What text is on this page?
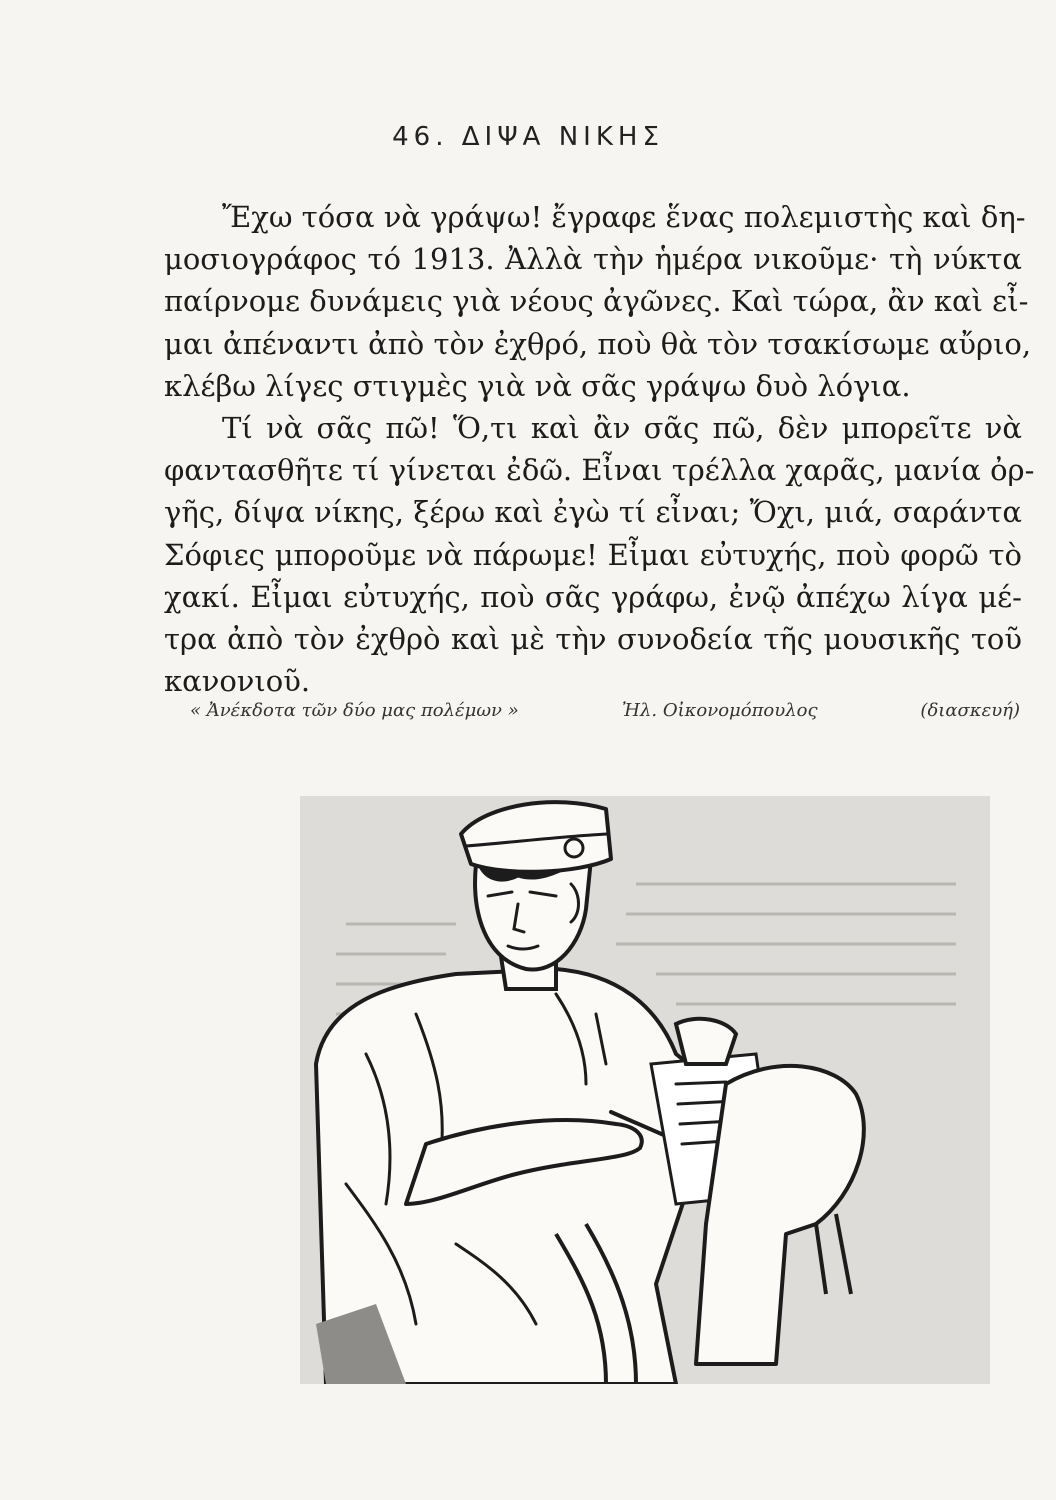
46. ΔΙΨΑ ΝΙΚΗΣ
Ἔχω τόσα νὰ γράψω! ἔγραφε ἕνας πολεμιστὴς καὶ δη-
μοσιογράφος τό 1913. Ἀλλὰ τὴν ἡμέρα νικοῦμε· τὴ νύκτα
παίρνομε δυνάμεις γιὰ νέους ἀγῶνες. Καὶ τώρα, ἂν καὶ εἶ-
μαι ἀπέναντι ἀπὸ τὸν ἐχθρό, ποὺ θὰ τὸν τσακίσωμε αὔριο,
κλέβω λίγες στιγμὲς γιὰ νὰ σᾶς γράψω δυὸ λόγια.
Τί νὰ σᾶς πῶ! Ὅ,τι καὶ ἂν σᾶς πῶ, δὲν μπορεῖτε νὰ
φαντασθῆτε τί γίνεται ἐδῶ. Εἶναι τρέλλα χαρᾶς, μανία ὀρ-
γῆς, δίψα νίκης, ξέρω καὶ ἐγὼ τί εἶναι; Ὄχι, μιά, σαράντα
Σόφιες μποροῦμε νὰ πάρωμε! Εἶμαι εὐτυχής, ποὺ φορῶ τὸ
χακί. Εἶμαι εὐτυχής, ποὺ σᾶς γράφω, ἐνῷ ἀπέχω λίγα μέ-
τρα ἀπὸ τὸν ἐχθρὸ καὶ μὲ τὴν συνοδεία τῆς μουσικῆς τοῦ
κανονιοῦ.
« Ἀνέκδοτα τῶν δύο μας πολέμων »	Ἠλ. Οἰκονομόπουλος	(διασκευή)
